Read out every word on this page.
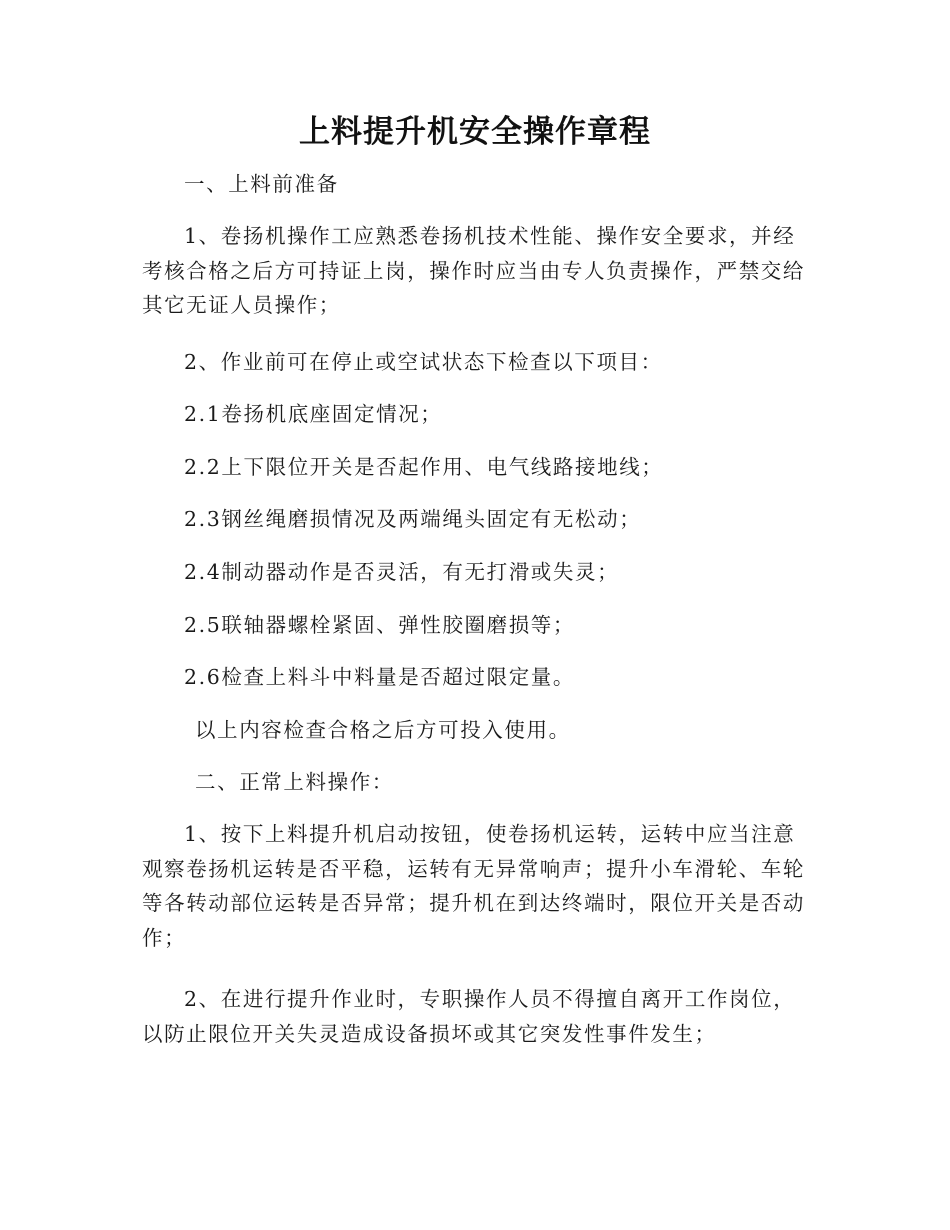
上料提升机安全操作章程

一、上料前准备

1、卷扬机操作工应熟悉卷扬机技术性能、操作安全要求，并经考核合格之后方可持证上岗，操作时应当由专人负责操作，严禁交给其它无证人员操作；

2、作业前可在停止或空试状态下检查以下项目：

2.1卷扬机底座固定情况；

2.2上下限位开关是否起作用、电气线路接地线；

2.3钢丝绳磨损情况及两端绳头固定有无松动；

2.4制动器动作是否灵活，有无打滑或失灵；

2.5联轴器螺栓紧固、弹性胶圈磨损等；

2.6检查上料斗中料量是否超过限定量。

以上内容检查合格之后方可投入使用。

二、正常上料操作：

1、按下上料提升机启动按钮，使卷扬机运转，运转中应当注意观察卷扬机运转是否平稳，运转有无异常响声；提升小车滑轮、车轮等各转动部位运转是否异常；提升机在到达终端时，限位开关是否动作；

2、在进行提升作业时，专职操作人员不得擅自离开工作岗位，以防止限位开关失灵造成设备损坏或其它突发性事件发生；
